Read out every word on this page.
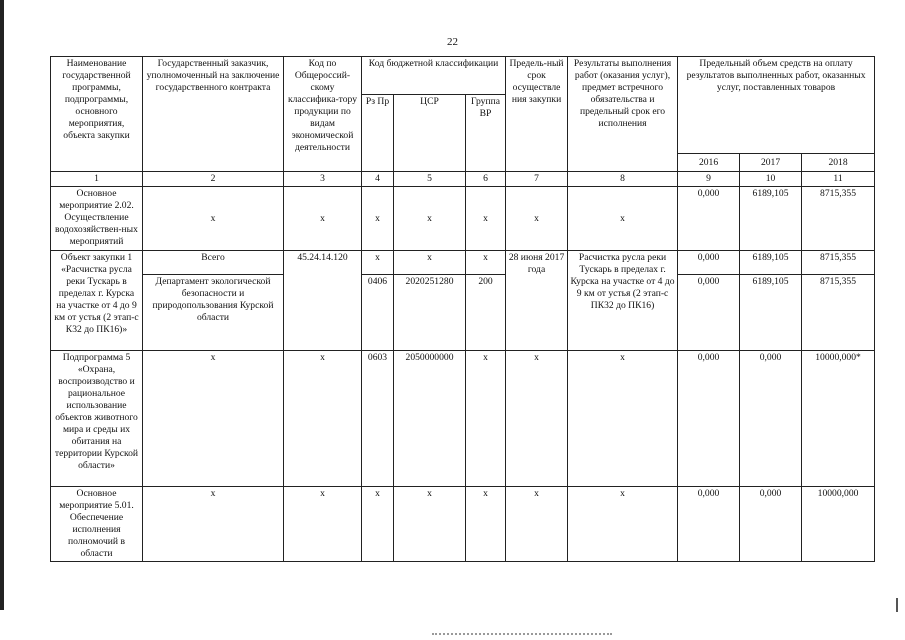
22
Наименование государственной программы, подпрограммы, основного мероприятия, объекта закупки	Государственный заказчик, уполномоченный на заключение государственного контракта	Код по Общероссий-скому классифика-тору продукции по видам экономической деятельности	Код бюджетной классификации			Предель-ный срок осуществле ния закупки	Результаты выполнения работ (оказания услуг), предмет встречного обязательства и предельный срок его исполнения	Предельный объем средств на оплату результатов выполненных работ, оказанных услуг, поставленных товаров		
			Рз Пр	ЦСР	Группа ВР					
								2016	2017	2018
1	2	3	4	5	6	7	8	9	10	11
Основное мероприятие 2.02. Осуществление водохозяйствен-ных мероприятий	x	x	x	x	x	x	x	0,000	6189,105	8715,355
Объект закупки 1 «Расчистка русла реки Тускарь в пределах г. Курска на участке от 4 до 9 км от устья (2 этап-с К32 до ПК16)»	Всего	45.24.14.120	x	x	x	28 июня 2017 года	Расчистка русла реки Тускарь в пределах г. Курска на участке от 4 до 9 км от устья (2 этап-с ПК32 до ПК16)	0,000	6189,105	8715,355
	Департамент экологической безопасности и природопользования Курской области		0406	2020251280	200			0,000	6189,105	8715,355
Подпрограмма 5 «Охрана, воспроизводство и рациональное использование объектов животного мира и среды их обитания на территории Курской области»	x	x	0603	2050000000	x	x	x	0,000	0,000	10000,000*
Основное мероприятие 5.01. Обеспечение исполнения полномочий в области	x	x	x	x	x	x	x	0,000	0,000	10000,000
